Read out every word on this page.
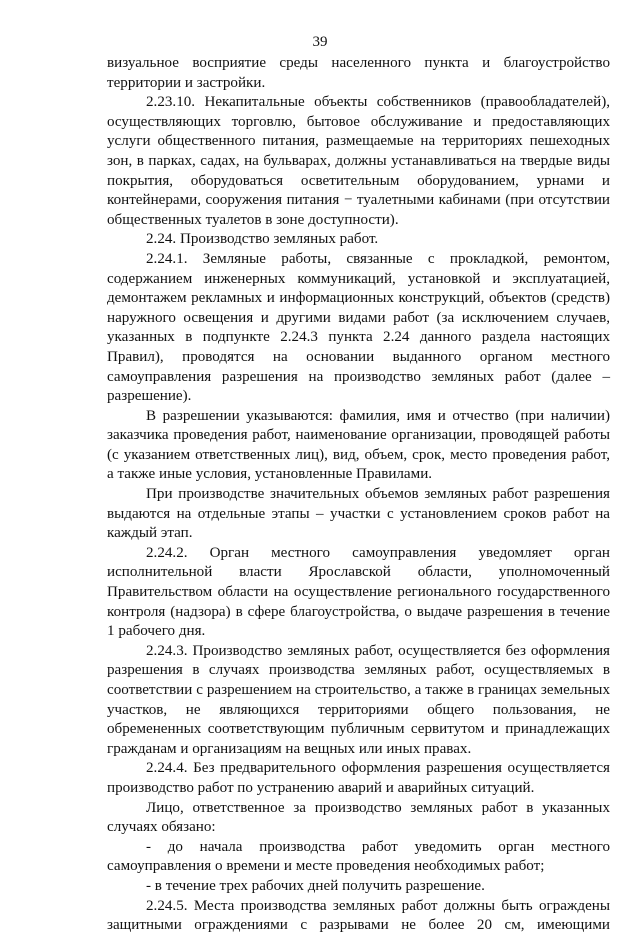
39
визуальное восприятие среды населенного пункта и благоустройство
территории и застройки.
2.23.10. Некапитальные объекты собственников (правообладателей),
осуществляющих торговлю, бытовое обслуживание и предоставляющих
услуги общественного питания, размещаемые на территориях пешеходных
зон, в парках, садах, на бульварах, должны устанавливаться на твердые виды
покрытия, оборудоваться осветительным оборудованием, урнами и
контейнерами, сооружения питания − туалетными кабинами (при отсутствии
общественных туалетов в зоне доступности).
2.24. Производство земляных работ.
2.24.1. Земляные работы, связанные с прокладкой, ремонтом,
содержанием инженерных коммуникаций, установкой и эксплуатацией,
демонтажем рекламных и информационных конструкций, объектов (средств)
наружного освещения и другими видами работ (за исключением случаев,
указанных в подпункте 2.24.3 пункта 2.24 данного раздела настоящих
Правил), проводятся на основании выданного органом местного
самоуправления разрешения на производство земляных работ (далее –
разрешение).
В разрешении указываются: фамилия, имя и отчество (при наличии)
заказчика проведения работ, наименование организации, проводящей работы
(с указанием ответственных лиц), вид, объем, срок, место проведения работ,
а также иные условия, установленные Правилами.
При производстве значительных объемов земляных работ разрешения
выдаются на отдельные этапы – участки с установлением сроков работ на
каждый этап.
2.24.2. Орган местного самоуправления уведомляет орган
исполнительной власти Ярославской области, уполномоченный
Правительством области на осуществление регионального государственного
контроля (надзора) в сфере благоустройства, о выдаче разрешения в течение
1 рабочего дня.
2.24.3. Производство земляных работ, осуществляется без оформления
разрешения в случаях производства земляных работ, осуществляемых в
соответствии с разрешением на строительство, а также в границах земельных
участков, не являющихся территориями общего пользования, не
обремененных соответствующим публичным сервитутом и принадлежащих
гражданам и организациям на вещных или иных правах.
2.24.4. Без предварительного оформления разрешения осуществляется
производство работ по устранению аварий и аварийных ситуаций.
Лицо, ответственное за производство земляных работ в указанных
случаях обязано:
- до начала производства работ уведомить орган местного
самоуправления о времени и месте проведения необходимых работ;
- в течение трех рабочих дней получить разрешение.
2.24.5. Места производства земляных работ должны быть ограждены
защитными ограждениями с разрывами не более 20 см, имеющими
